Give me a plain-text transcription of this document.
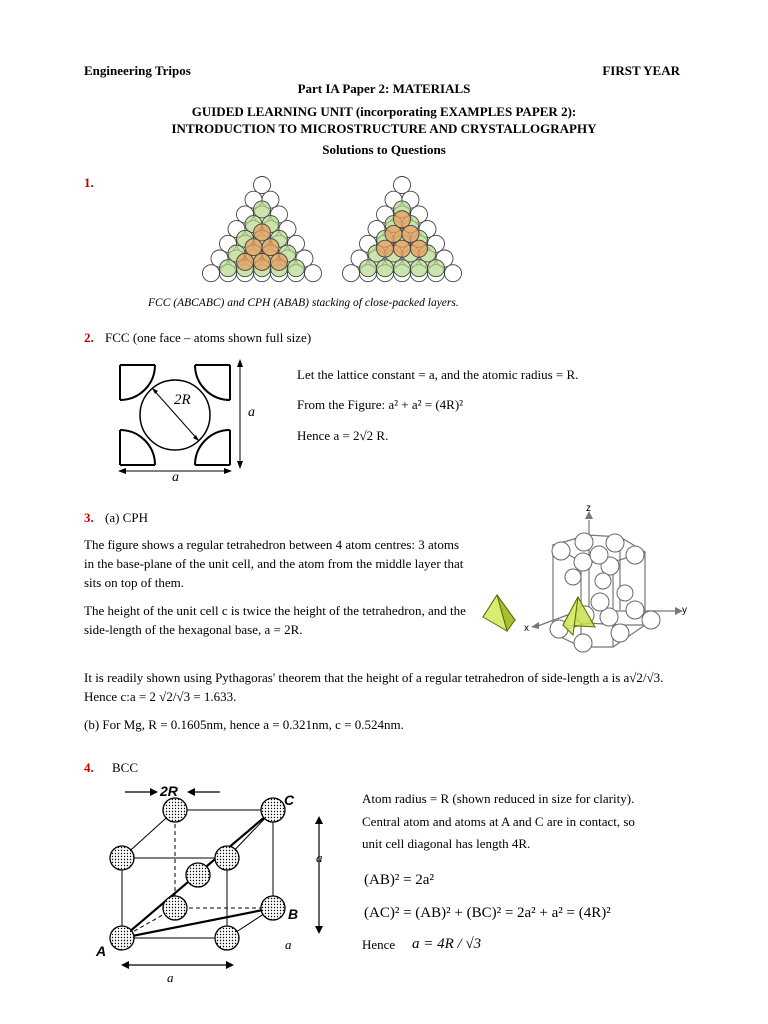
Engineering Tripos	FIRST YEAR
Part IA Paper 2: MATERIALS
GUIDED LEARNING UNIT (incorporating EXAMPLES PAPER 2):
INTRODUCTION TO MICROSTRUCTURE AND CRYSTALLOGRAPHY
Solutions to Questions
1.
FCC (ABCABC) and CPH (ABAB) stacking of close-packed layers.
2. FCC (one face – atoms shown full size)
2R
a
a
Let the lattice constant = a, and the atomic radius = R.
From the Figure: a² + a² = (4R)²
Hence a = 2√2 R.
3. (a) CPH
The figure shows a regular tetrahedron between 4 atom centres: 3 atoms in the base-plane of the unit cell, and the atom from the middle layer that sits on top of them.
The height of the unit cell c is twice the height of the tetrahedron, and the side-length of the hexagonal base, a = 2R.
It is readily shown using Pythagoras' theorem that the height of a regular tetrahedron of side-length a is a√2/√3. Hence c:a = 2 √2/√3 = 1.633.
(b) For Mg, R = 0.1605nm, hence a = 0.321nm, c = 0.524nm.
z
y
x
4. BCC
2R
C
B
A
a
a
a
Atom radius = R (shown reduced in size for clarity).
Central atom and atoms at A and C are in contact, so
unit cell diagonal has length 4R.
(AB)² = 2a²
(AC)² = (AB)² + (BC)² = 2a² + a² = (4R)²
Hence a = 4R / √3
